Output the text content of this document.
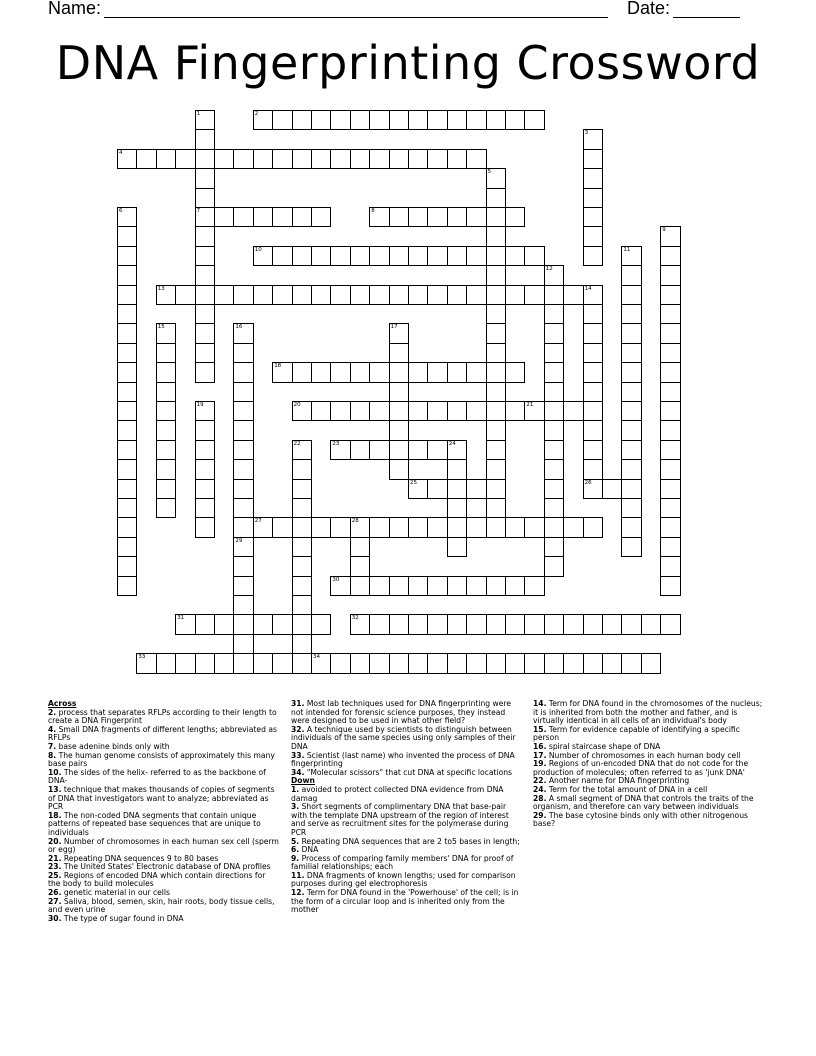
Name:	Date:
DNA Fingerprinting Crossword
2
4
7	8
10
13	14
18
20	21
23	24
25	26
27	28
30
31	32
33	34
1
3
5
6
9
11
12
15	16
29
17
19
22
Across
2. process that separates RFLPs according to their length to create a DNA Fingerprint
4. Small DNA fragments of different lengths; abbreviated as RFLPs
7. base adenine binds only with
8. The human genome consists of approximately this many base pairs
10. The sides of the helix- referred to as the backbone of DNA-
13. technique that makes thousands of copies of segments of DNA that investigators want to analyze; abbreviated as PCR
18. The non-coded DNA segments that contain unique patterns of repeated base sequences that are unique to individuals
20. Number of chromosomes in each human sex cell (sperm or egg)
21. Repeating DNA sequences 9 to 80 bases
23. The United States' Electronic database of DNA profiles
25. Regions of encoded DNA which contain directions for the body to build molecules
26. genetic material in our cells
27. Saliva, blood, semen, skin, hair roots, body tissue cells, and even urine
30. The type of sugar found in DNA
31. Most lab techniques used for DNA fingerprinting were not intended for forensic science purposes, they instead were designed to be used in what other field?
32. A technique used by scientists to distinguish between individuals of the same species using only samples of their DNA
33. Scientist (last name) who invented the process of DNA fingerprinting
34. "Molecular scissors" that cut DNA at specific locations
Down
1. avoided to protect collected DNA evidence from DNA damag
3. Short segments of complimentary DNA that base-pair with the template DNA upstream of the region of interest and serve as recruitment sites for the polymerase during PCR
5. Repeating DNA sequences that are 2 to5 bases in length;
6. DNA
9. Process of comparing family members' DNA for proof of familial relationships; each
11. DNA fragments of known lengths; used for comparison purposes during gel electrophoresis
12. Term for DNA found in the 'Powerhouse' of the cell; is in the form of a circular loop and is inherited only from the mother
14. Term for DNA found in the chromosomes of the nucleus; it is inherited from both the mother and father, and is virtually identical in all cells of an individual's body
15. Term for evidence capable of identifying a specific person
16. spiral staircase shape of DNA
17. Number of chromosomes in each human body cell
19. Regions of un-encoded DNA that do not code for the production of molecules; often referred to as 'junk DNA'
22. Another name for DNA fingerprinting
24. Term for the total amount of DNA in a cell
28. A small segment of DNA that controls the traits of the organism, and therefore can vary between individuals
29. The base cytosine binds only with other nitrogenous base?
